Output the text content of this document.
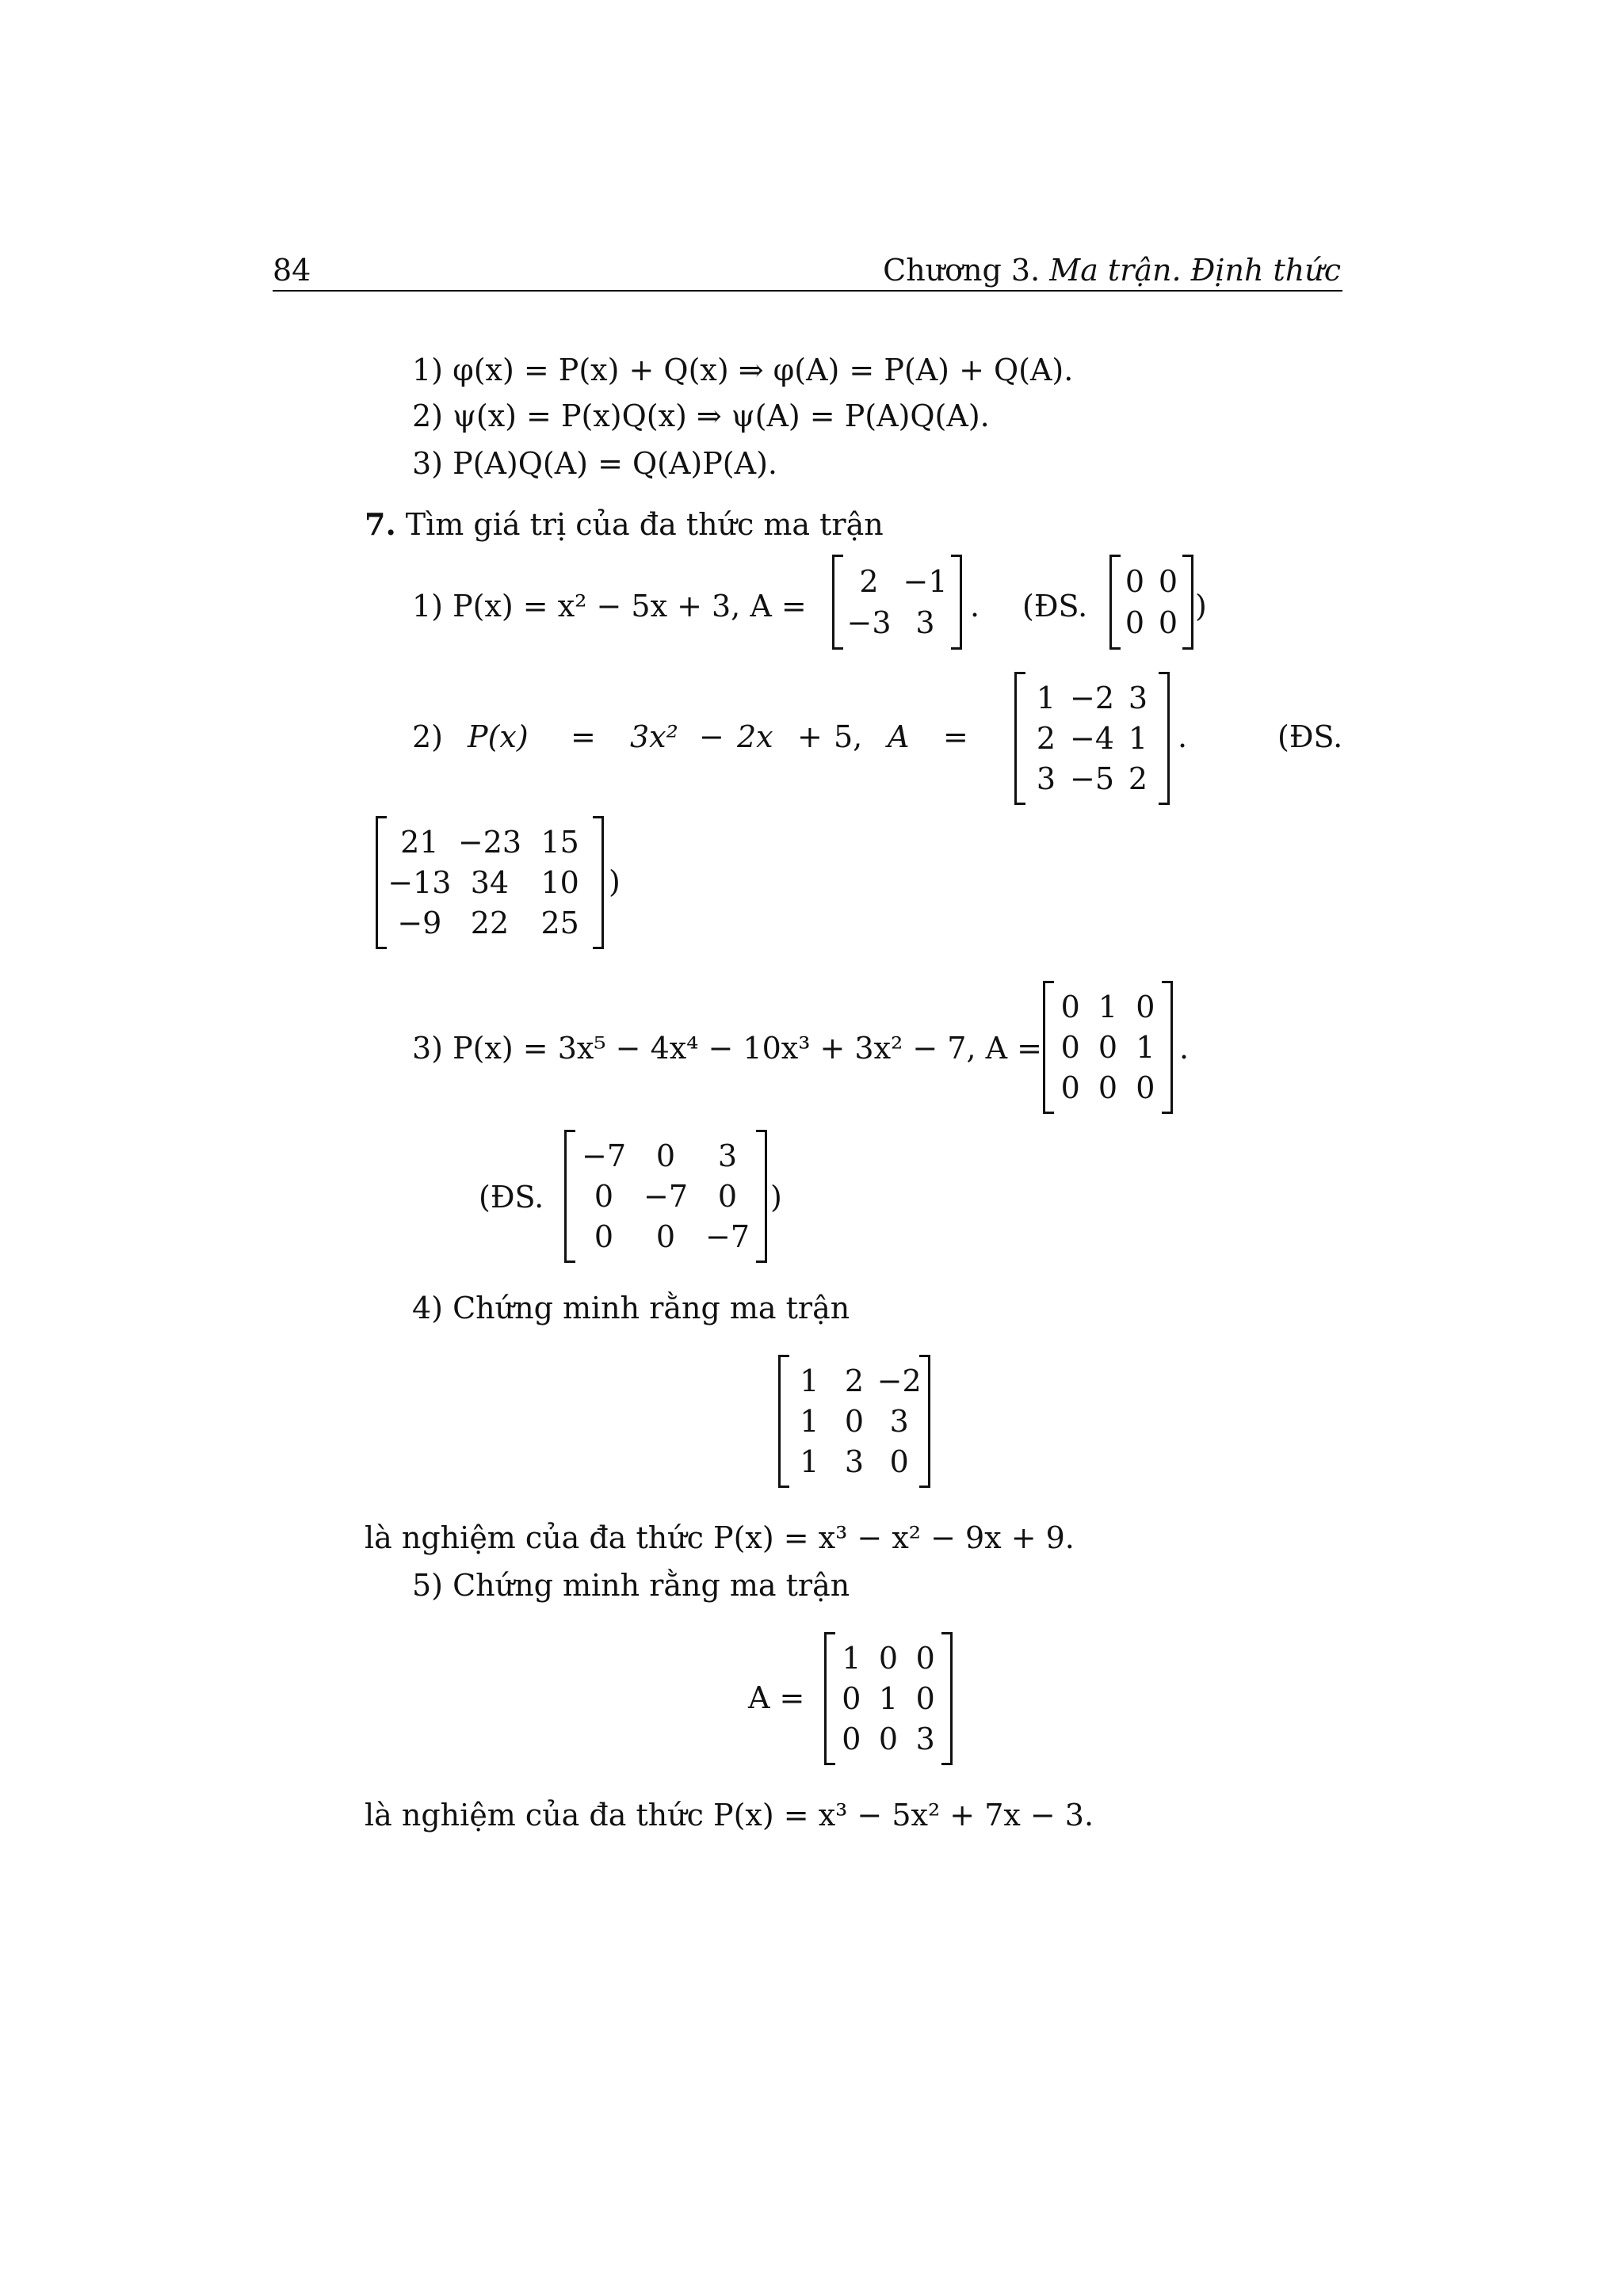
84	Chương 3. Ma trận. Định thức
1) φ(x) = P(x) + Q(x) ⇒ φ(A) = P(A) + Q(A).
2) ψ(x) = P(x)Q(x) ⇒ ψ(A) = P(A)Q(A).
3) P(A)Q(A) = Q(A)P(A).
7. Tìm giá trị của đa thức ma trận
1) P(x) = x² − 5x + 3, A =
2 −1
−3 3	. (ĐS.
0 0
0 0 )
2) P(x) = 3x² − 2x + 5, A =
1 −2 3
2 −4 1
3 −5 2
.	(ĐS.
21 −23 15
−13 34	10
−9 22	25
)
3) P(x) = 3x⁵ − 4x⁴ − 10x³ + 3x² − 7, A =
0 1 0
0 0 1
0 0 0
.
(ĐS.
−7 0	3
0 −7 0
0	0 −7
)
4) Chứng minh rằng ma trận
1 2 −2
1 0 3
1 3 0
là nghiệm của đa thức P(x) = x³ − x² − 9x + 9.
5) Chứng minh rằng ma trận
A =
1 0 0
0 1 0
0 0 3
là nghiệm của đa thức P(x) = x³ − 5x² + 7x − 3.
